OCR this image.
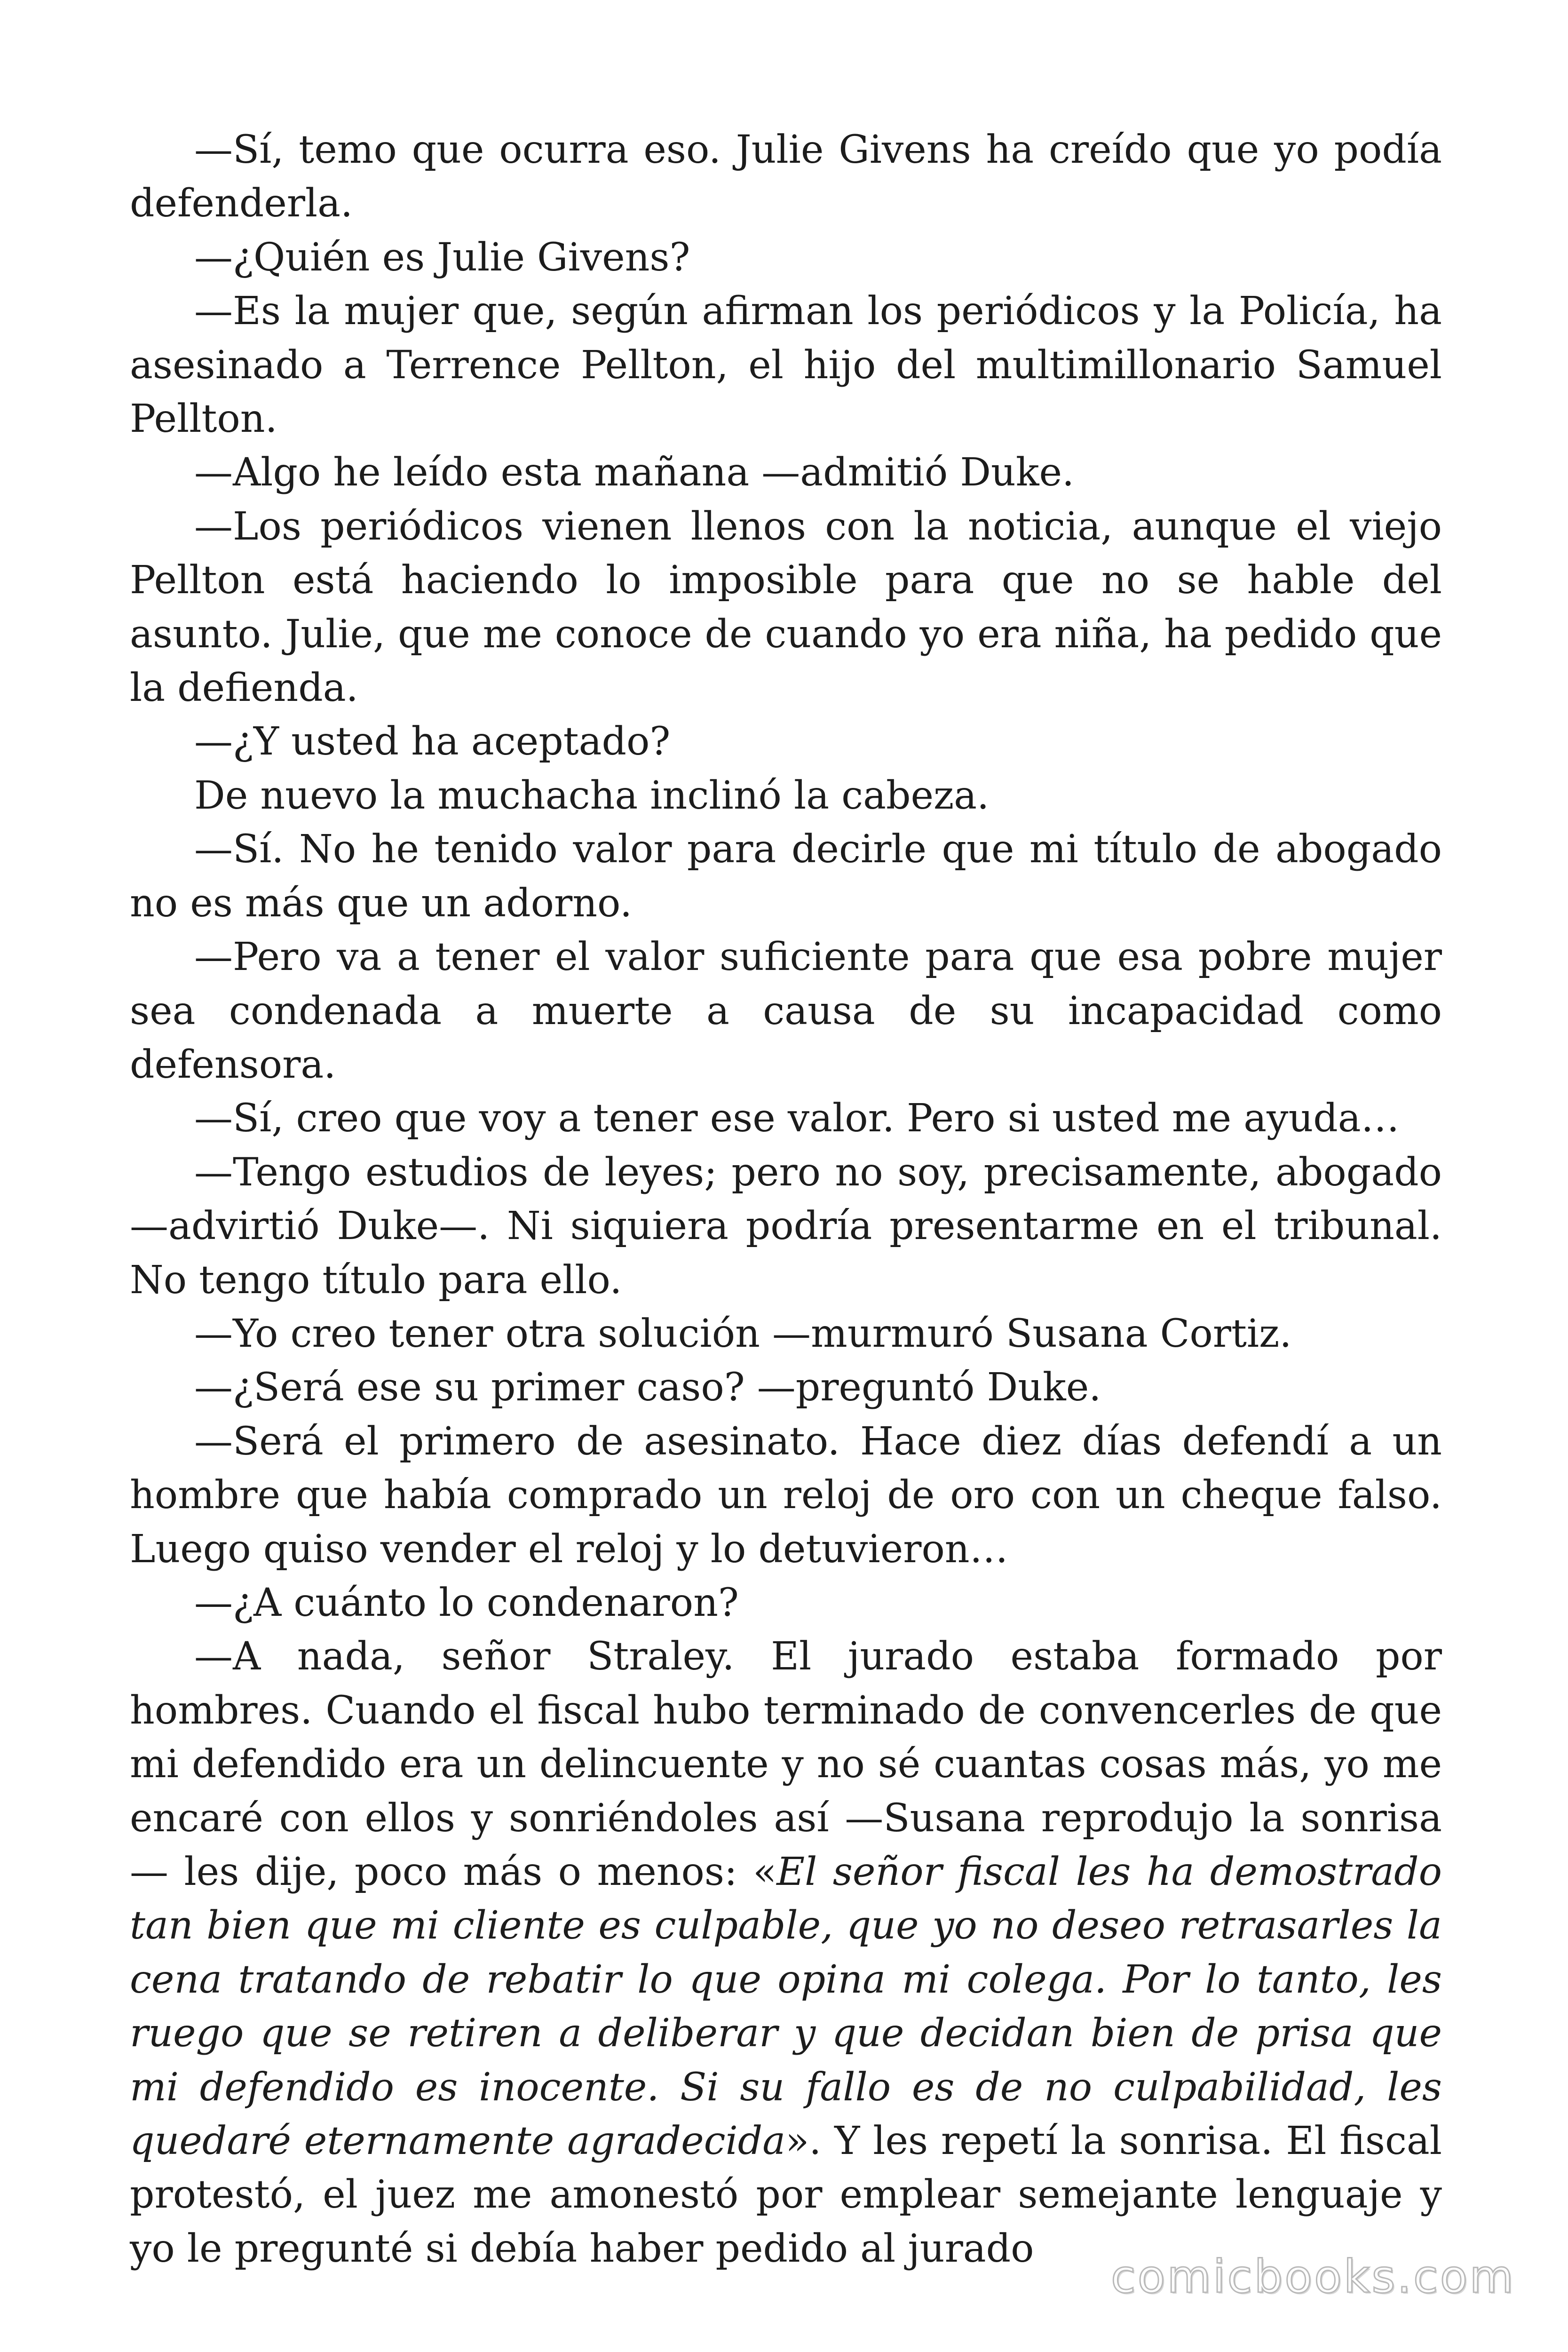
—Sí, temo que ocurra eso. Julie Givens ha creído que yo podía defenderla.

—¿Quién es Julie Givens?

—Es la mujer que, según afirman los periódicos y la Policía, ha asesinado a Terrence Pellton, el hijo del multimillonario Samuel Pellton.

—Algo he leído esta mañana —admitió Duke.

—Los periódicos vienen llenos con la noticia, aunque el viejo Pellton está haciendo lo imposible para que no se hable del asunto. Julie, que me conoce de cuando yo era niña, ha pedido que la defienda.

—¿Y usted ha aceptado?

De nuevo la muchacha inclinó la cabeza.

—Sí. No he tenido valor para decirle que mi título de abogado no es más que un adorno.

—Pero va a tener el valor suficiente para que esa pobre mujer sea condenada a muerte a causa de su incapacidad como defensora.

—Sí, creo que voy a tener ese valor. Pero si usted me ayuda…

—Tengo estudios de leyes; pero no soy, precisamente, abogado —advirtió Duke—. Ni siquiera podría presentarme en el tribunal. No tengo título para ello.

—Yo creo tener otra solución —murmuró Susana Cortiz.

—¿Será ese su primer caso? —preguntó Duke.

—Será el primero de asesinato. Hace diez días defendí a un hombre que había comprado un reloj de oro con un cheque falso. Luego quiso vender el reloj y lo detuvieron…

—¿A cuánto lo condenaron?

—A nada, señor Straley. El jurado estaba formado por hombres. Cuando el fiscal hubo terminado de convencerles de que mi defendido era un delincuente y no sé cuantas cosas más, yo me encaré con ellos y sonriéndoles así —Susana reprodujo la sonrisa— les dije, poco más o menos: «El señor fiscal les ha demostrado tan bien que mi cliente es culpable, que yo no deseo retrasarles la cena tratando de rebatir lo que opina mi colega. Por lo tanto, les ruego que se retiren a deliberar y que decidan bien de prisa que mi defendido es inocente. Si su fallo es de no culpabilidad, les quedaré eternamente agradecida». Y les repetí la sonrisa. El fiscal protestó, el juez me amonestó por emplear semejante lenguaje y yo le pregunté si debía haber pedido al jurado

comicbooks.com
